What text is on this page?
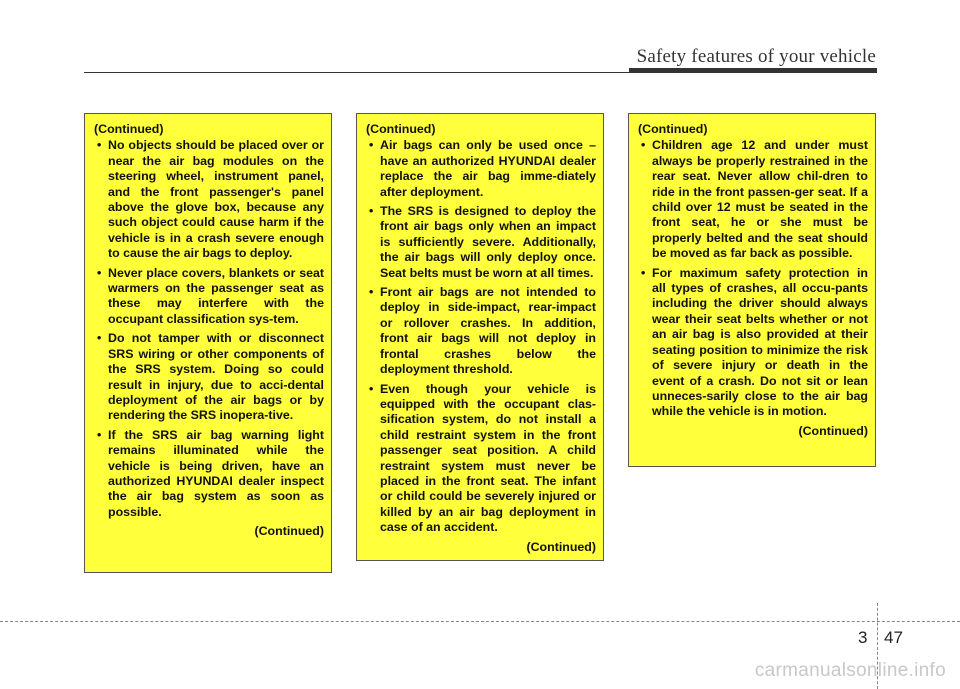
Safety features of your vehicle
(Continued)
• No objects should be placed over or near the air bag modules on the steering wheel, instrument panel, and the front passenger's panel above the glove box, because any such object could cause harm if the vehicle is in a crash severe enough to cause the air bags to deploy.
• Never place covers, blankets or seat warmers on the passenger seat as these may interfere with the occupant classification sys-tem.
• Do not tamper with or disconnect SRS wiring or other components of the SRS system. Doing so could result in injury, due to acci-dental deployment of the air bags or by rendering the SRS inopera-tive.
• If the SRS air bag warning light remains illuminated while the vehicle is being driven, have an authorized HYUNDAI dealer inspect the air bag system as soon as possible.
(Continued)
(Continued)
• Air bags can only be used once – have an authorized HYUNDAI dealer replace the air bag imme-diately after deployment.
• The SRS is designed to deploy the front air bags only when an impact is sufficiently severe. Additionally, the air bags will only deploy once. Seat belts must be worn at all times.
• Front air bags are not intended to deploy in side-impact, rear-impact or rollover crashes. In addition, front air bags will not deploy in frontal crashes below the deployment threshold.
• Even though your vehicle is equipped with the occupant clas-sification system, do not install a child restraint system in the front passenger seat position. A child restraint system must never be placed in the front seat. The infant or child could be severely injured or killed by an air bag deployment in case of an accident.
(Continued)
(Continued)
• Children age 12 and under must always be properly restrained in the rear seat. Never allow chil-dren to ride in the front passen-ger seat. If a child over 12 must be seated in the front seat, he or she must be properly belted and the seat should be moved as far back as possible.
• For maximum safety protection in all types of crashes, all occu-pants including the driver should always wear their seat belts whether or not an air bag is also provided at their seating position to minimize the risk of severe injury or death in the event of a crash. Do not sit or lean unneces-sarily close to the air bag while the vehicle is in motion.
(Continued)
3 47
carmanualsonline.info
